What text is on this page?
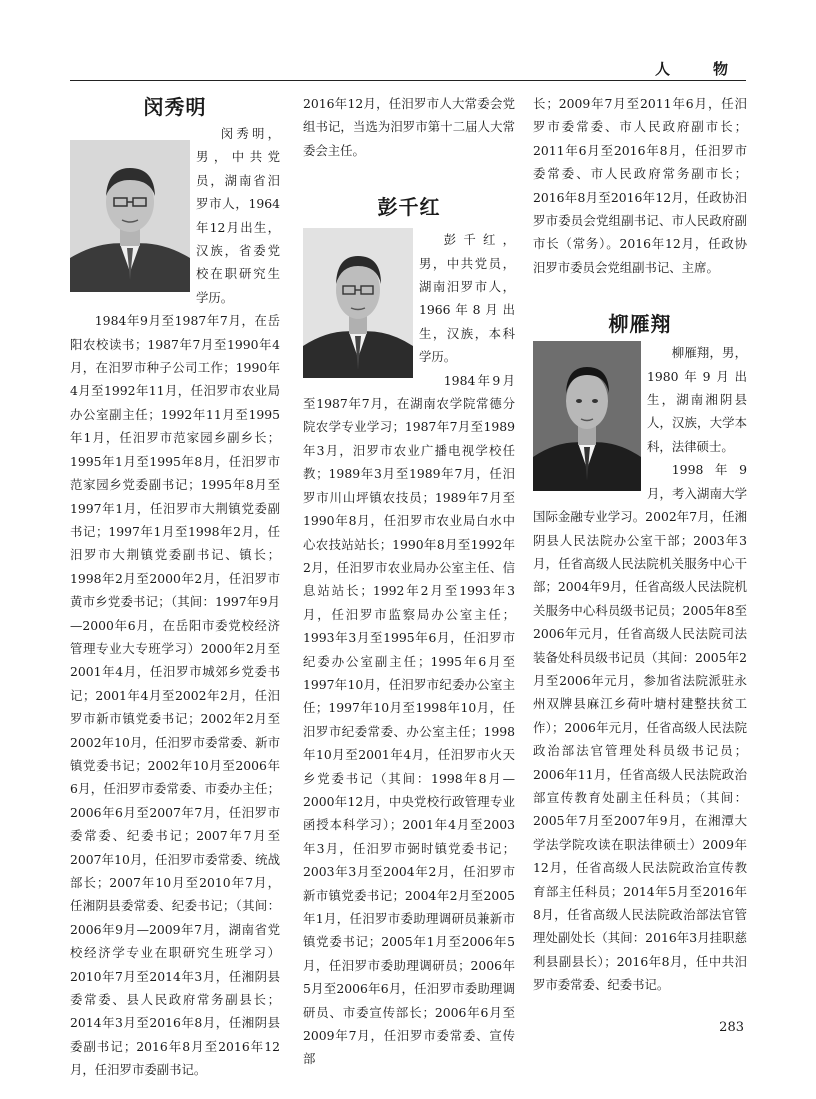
人　物
闵秀明

闵秀明，男，中共党员，湖南省汨罗市人，1964年12月出生，汉族，省委党校在职研究生学历。

1984年9月至1987年7月，在岳阳农校读书；1987年7月至1990年4月，在汨罗市种子公司工作；1990年4月至1992年11月，任汨罗市农业局办公室副主任；1992年11月至1995年1月，任汨罗市范家园乡副乡长；1995年1月至1995年8月，任汨罗市范家园乡党委副书记；1995年8月至1997年1月，任汨罗市大荆镇党委副书记；1997年1月至1998年2月，任汨罗市大荆镇党委副书记、镇长；1998年2月至2000年2月，任汨罗市黄市乡党委书记；（其间：1997年9月—2000年6月，在岳阳市委党校经济管理专业大专班学习）2000年2月至2001年4月，任汨罗市城郊乡党委书记；2001年4月至2002年2月，任汨罗市新市镇党委书记；2002年2月至2002年10月，任汨罗市委常委、新市镇党委书记；2002年10月至2006年6月，任汨罗市委常委、市委办主任；2006年6月至2007年7月，任汨罗市委常委、纪委书记；2007年7月至2007年10月，任汨罗市委常委、统战部长；2007年10月至2010年7月，任湘阴县委常委、纪委书记；（其间：2006年9月—2009年7月，湖南省党校经济学专业在职研究生班学习）2010年7月至2014年3月，任湘阴县委常委、县人民政府常务副县长；2014年3月至2016年8月，任湘阴县委副书记；2016年8月至2016年12月，任汨罗市委副书记。

2016年12月，任汨罗市人大常委会党组书记，当选为汨罗市第十二届人大常委会主任。

彭千红

彭千红，男，中共党员，湖南汨罗市人，1966年8月出生，汉族，本科学历。

1984年9月至1987年7月，在湖南农学院常德分院农学专业学习；1987年7月至1989年3月，汨罗市农业广播电视学校任教；1989年3月至1989年7月，任汨罗市川山坪镇农技员；1989年7月至1990年8月，任汨罗市农业局白水中心农技站站长；1990年8月至1992年2月，任汨罗市农业局办公室主任、信息站站长；1992年2月至1993年3月，任汨罗市监察局办公室主任；1993年3月至1995年6月，任汨罗市纪委办公室副主任；1995年6月至1997年10月，任汨罗市纪委办公室主任；1997年10月至1998年10月，任汨罗市纪委常委、办公室主任；1998年10月至2001年4月，任汨罗市火天乡党委书记（其间：1998年8月—2000年12月，中央党校行政管理专业函授本科学习）；2001年4月至2003年3月，任汨罗市弼时镇党委书记；2003年3月至2004年2月，任汨罗市新市镇党委书记；2004年2月至2005年1月，任汨罗市委助理调研员兼新市镇党委书记；2005年1月至2006年5月，任汨罗市委助理调研员；2006年5月至2006年6月，任汨罗市委助理调研员、市委宣传部长；2006年6月至2009年7月，任汨罗市委常委、宣传部

长；2009年7月至2011年6月，任汨罗市委常委、市人民政府副市长；2011年6月至2016年8月，任汨罗市委常委、市人民政府常务副市长；2016年8月至2016年12月，任政协汨罗市委员会党组副书记、市人民政府副市长（常务）。2016年12月，任政协汨罗市委员会党组副书记、主席。

柳雁翔

柳雁翔，男，1980年9月出生，湖南湘阴县人，汉族，大学本科，法律硕士。

1998年9月，考入湖南大学国际金融专业学习。2002年7月，任湘阴县人民法院办公室干部；2003年3月，任省高级人民法院机关服务中心干部；2004年9月，任省高级人民法院机关服务中心科员级书记员；2005年8至2006年元月，任省高级人民法院司法装备处科员级书记员（其间：2005年2月至2006年元月，参加省法院派驻永州双牌县麻江乡荷叶塘村建整扶贫工作）；2006年元月，任省高级人民法院政治部法官管理处科员级书记员；2006年11月，任省高级人民法院政治部宣传教育处副主任科员；（其间：2005年7月至2007年9月，在湘潭大学法学院攻读在职法律硕士）2009年12月，任省高级人民法院政治宣传教育部主任科员；2014年5月至2016年8月，任省高级人民法院政治部法官管理处副处长（其间：2016年3月挂职慈利县副县长）；2016年8月，任中共汨罗市委常委、纪委书记。

283
